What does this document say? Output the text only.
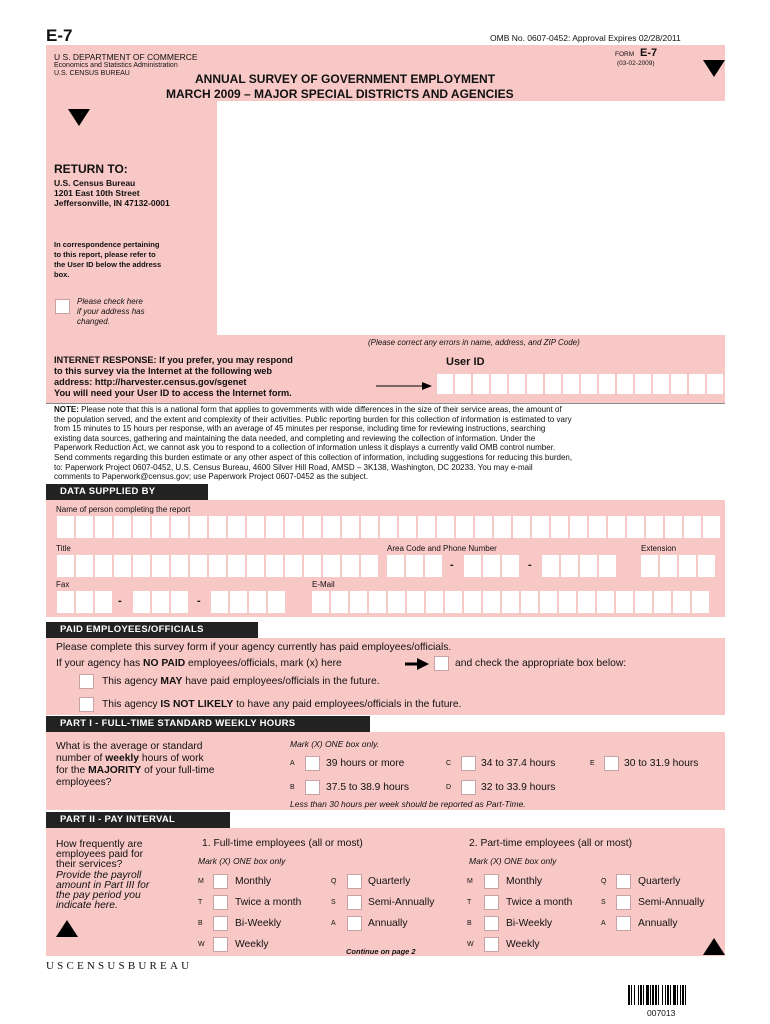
E-7	OMB No. 0607-0452: Approval Expires 02/28/2011
U S. DEPARTMENT OF COMMERCE
Economics and Statistics Administration
U.S. CENSUS BUREAU
FORM E-7
(03-02-2009)
ANNUAL SURVEY OF GOVERNMENT EMPLOYMENT
MARCH 2009 – MAJOR SPECIAL DISTRICTS AND AGENCIES
RETURN TO:
U.S. Census Bureau
1201 East 10th Street
Jeffersonville, IN 47132-0001
In correspondence pertaining
to this report, please refer to
the User ID below the address
box.
Please check here
if your address has
changed.
(Please correct any errors in name, address, and ZIP Code)
INTERNET RESPONSE: If you prefer, you may respond
to this survey via the Internet at the following web
address: http://harvester.census.gov/sgenet
You will need your User ID to access the Internet form.
User ID
NOTE: Please note that this is a national form that applies to governments with wide differences in the size of their service areas, the amount of
the population served, and the extent and complexity of their activities. Public reporting burden for this collection of information is estimated to vary
from 15 minutes to 15 hours per response, with an average of 45 minutes per response, including time for reviewing instructions, searching
existing data sources, gathering and maintaining the data needed, and completing and reviewing the collection of information. Under the
Paperwork Reduction Act, we cannot ask you to respond to a collection of information unless it displays a currently valid OMB control number.
Send comments regarding this burden estimate or any other aspect of this collection of information, including suggestions for reducing this burden,
to: Paperwork Project 0607-0452, U.S. Census Bureau, 4600 Silver Hill Road, AMSD – 3K138, Washington, DC 20233. You may e-mail
comments to Paperwork@census.gov; use Paperwork Project 0607-0452 as the subject.
DATA SUPPLIED BY
Name of person completing the report
Title	Area Code and Phone Number	Extension
-	-
Fax	E-Mail
-	-
PAID EMPLOYEES/OFFICIALS
Please complete this survey form if your agency currently has paid employees/officials.
If your agency has NO PAID employees/officials, mark (x) here	and check the appropriate box below:
This agency MAY have paid employees/officials in the future.
This agency IS NOT LIKELY to have any paid employees/officials in the future.
PART I - FULL-TIME STANDARD WEEKLY HOURS
What is the average or standard
number of weekly hours of work
for the MAJORITY of your full-time
employees?
Mark (X) ONE box only.
A	39 hours or more	C	34 to 37.4 hours	E	30 to 31.9 hours
B	37.5 to 38.9 hours	D	32 to 33.9 hours
Less than 30 hours per week should be reported as Part-Time.
PART II - PAY INTERVAL
How frequently are
employees paid for
their services?
Provide the payroll
amount in Part III for
the pay period you
indicate here.
1. Full-time employees (all or most)	2. Part-time employees (all or most)
Mark (X) ONE box only	Mark (X) ONE box only
M	Monthly	Q	Quarterly
T	Twice a month	S	Semi-Annually
B	Bi-Weekly	A	Annually
W	Weekly
M	Monthly	Q	Quarterly
T	Twice a month	S	Semi-Annually
B	Bi-Weekly	A	Annually
W	Weekly
Continue on page 2
USCENSUSBUREAU
007013
